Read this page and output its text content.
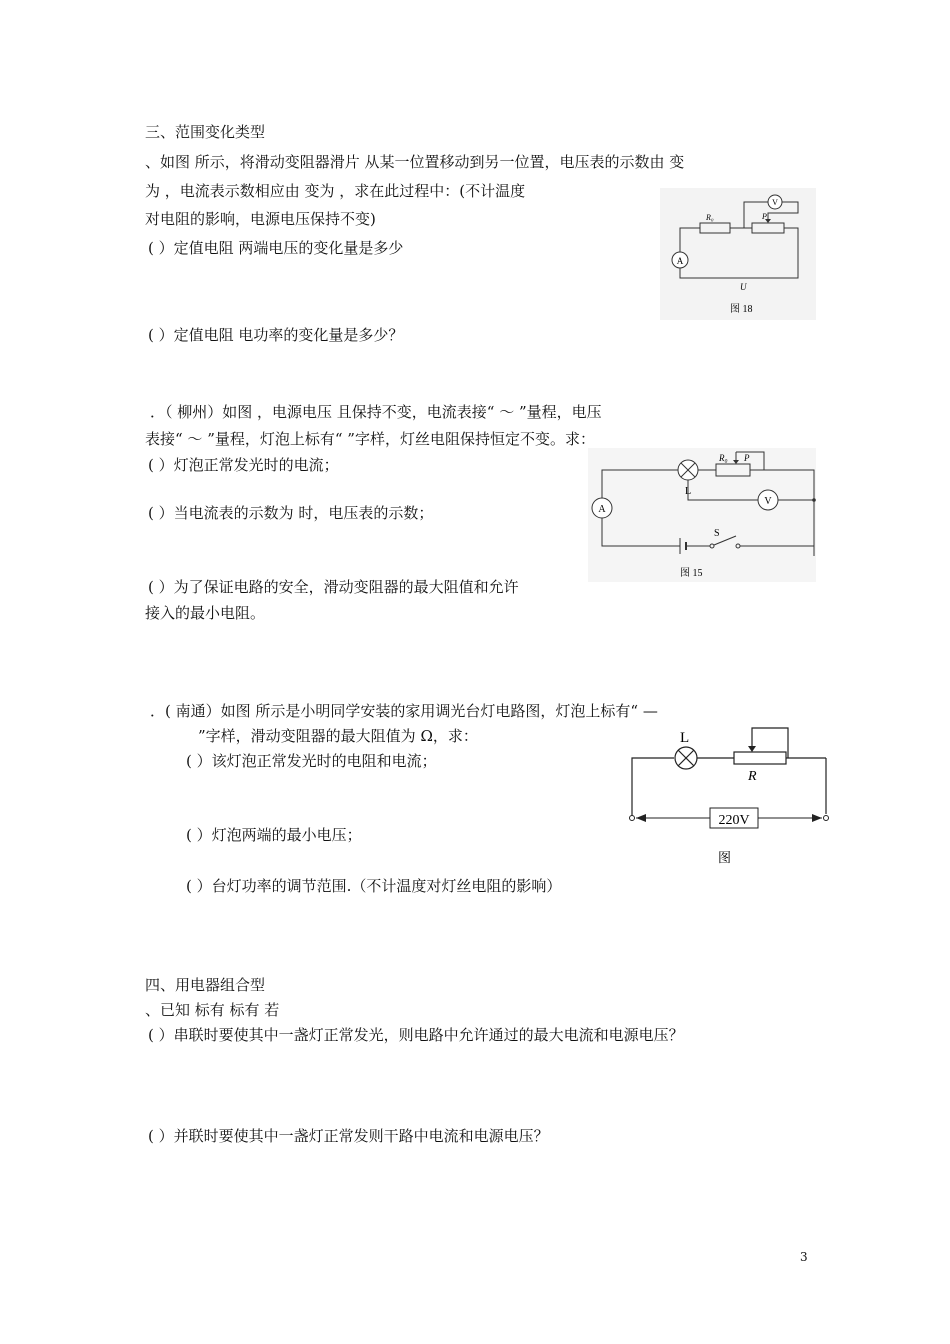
三、范围变化类型
、如图 所示，将滑动变阻器滑片 从某一位置移动到另一位置，电压表的示数由 变
为 ，电流表示数相应由 变为 ，求在此过程中：(不计温度
对电阻的影响，电源电压保持不变)
( ）定值电阻 两端电压的变化量是多少
( ）定值电阻 电功率的变化量是多少？
A
V
R₀	P
U
图 18
．（ 柳州）如图 ，电源电压 且保持不变，电流表接“ ～ ”量程，电压
表接“ ～ ”量程，灯泡上标有“ ”字样，灯丝电阻保持恒定不变。求：
( ）灯泡正常发光时的电流；
( ）当电流表的示数为 时，电压表的示数；
( ）为了保证电路的安全，滑动变阻器的最大阻值和允许
接入的最小电阻。
L
R₀ P
V
A
S
图 15
．( 南通）如图 所示是小明同学安装的家用调光台灯电路图，灯泡上标有“ —
”字样，滑动变阻器的最大阻值为 Ω，求：
( ）该灯泡正常发光时的电阻和电流；
( ）灯泡两端的最小电压；
( ）台灯功率的调节范围.（不计温度对灯丝电阻的影响）
L
R
220V
图
四、用电器组合型
、已知 标有 标有 若
( ）串联时要使其中一盏灯正常发光，则电路中允许通过的最大电流和电源电压？
( ）并联时要使其中一盏灯正常发则干路中电流和电源电压？
3
